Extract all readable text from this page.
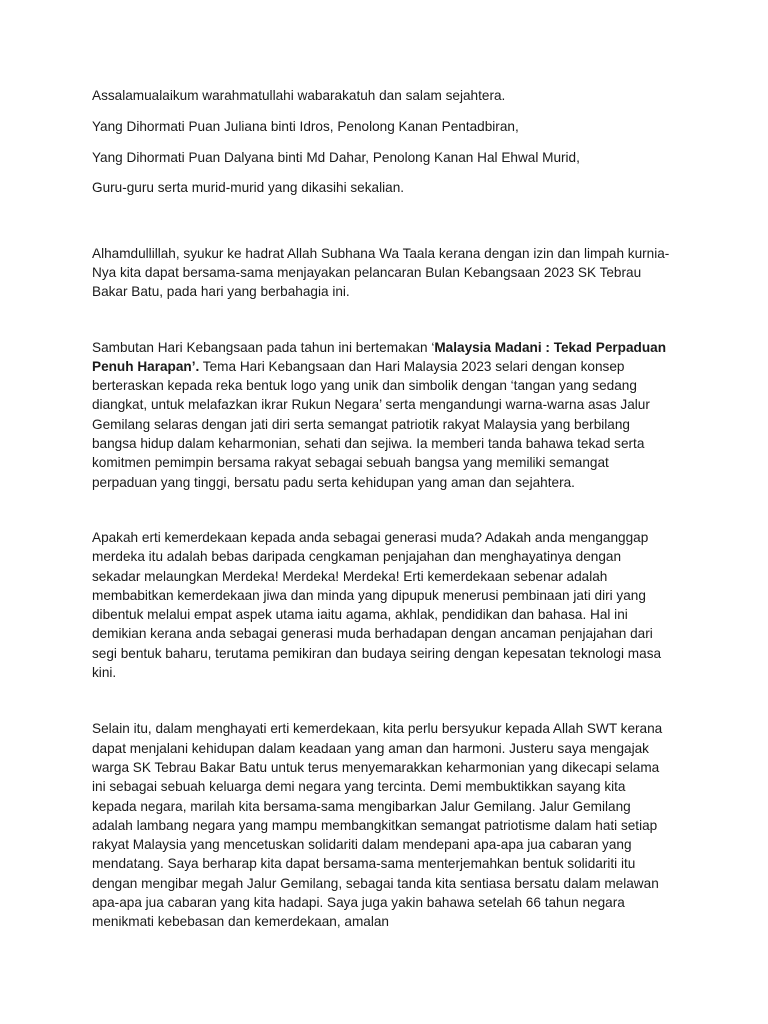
Assalamualaikum warahmatullahi wabarakatuh dan salam sejahtera.

Yang Dihormati Puan Juliana binti Idros, Penolong Kanan Pentadbiran,

Yang Dihormati Puan Dalyana binti Md Dahar, Penolong Kanan Hal Ehwal Murid,

Guru-guru serta murid-murid yang dikasihi sekalian.

Alhamdullillah, syukur ke hadrat Allah Subhana Wa Taala kerana dengan izin dan limpah kurnia-Nya kita dapat bersama-sama menjayakan pelancaran Bulan Kebangsaan 2023 SK Tebrau Bakar Batu, pada hari yang berbahagia ini.

Sambutan Hari Kebangsaan pada tahun ini bertemakan ‘Malaysia Madani : Tekad Perpaduan Penuh Harapan’. Tema Hari Kebangsaan dan Hari Malaysia 2023 selari dengan konsep berteraskan kepada reka bentuk logo yang unik dan simbolik dengan ‘tangan yang sedang diangkat, untuk melafazkan ikrar Rukun Negara’ serta mengandungi warna-warna asas Jalur Gemilang selaras dengan jati diri serta semangat patriotik rakyat Malaysia yang berbilang bangsa hidup dalam keharmonian, sehati dan sejiwa. Ia memberi tanda bahawa tekad serta komitmen pemimpin bersama rakyat sebagai sebuah bangsa yang memiliki semangat perpaduan yang tinggi, bersatu padu serta kehidupan yang aman dan sejahtera.

Apakah erti kemerdekaan kepada anda sebagai generasi muda? Adakah anda menganggap merdeka itu adalah bebas daripada cengkaman penjajahan dan menghayatinya dengan sekadar melaungkan Merdeka! Merdeka! Merdeka! Erti kemerdekaan sebenar adalah membabitkan kemerdekaan jiwa dan minda yang dipupuk menerusi pembinaan jati diri yang dibentuk melalui empat aspek utama iaitu agama, akhlak, pendidikan dan bahasa. Hal ini demikian kerana anda sebagai generasi muda berhadapan dengan ancaman penjajahan dari segi bentuk baharu, terutama pemikiran dan budaya seiring dengan kepesatan teknologi masa kini.

Selain itu, dalam menghayati erti kemerdekaan, kita perlu bersyukur kepada Allah SWT kerana dapat menjalani kehidupan dalam keadaan yang aman dan harmoni. Justeru saya mengajak warga SK Tebrau Bakar Batu untuk terus menyemarakkan keharmonian yang dikecapi selama ini sebagai sebuah keluarga demi negara yang tercinta. Demi membuktikkan sayang kita kepada negara, marilah kita bersama-sama mengibarkan Jalur Gemilang. Jalur Gemilang adalah lambang negara yang mampu membangkitkan semangat patriotisme dalam hati setiap rakyat Malaysia yang mencetuskan solidariti dalam mendepani apa-apa jua cabaran yang mendatang. Saya berharap kita dapat bersama-sama menterjemahkan bentuk solidariti itu dengan mengibar megah Jalur Gemilang, sebagai tanda kita sentiasa bersatu dalam melawan apa-apa jua cabaran yang kita hadapi. Saya juga yakin bahawa setelah 66 tahun negara menikmati kebebasan dan kemerdekaan, amalan
